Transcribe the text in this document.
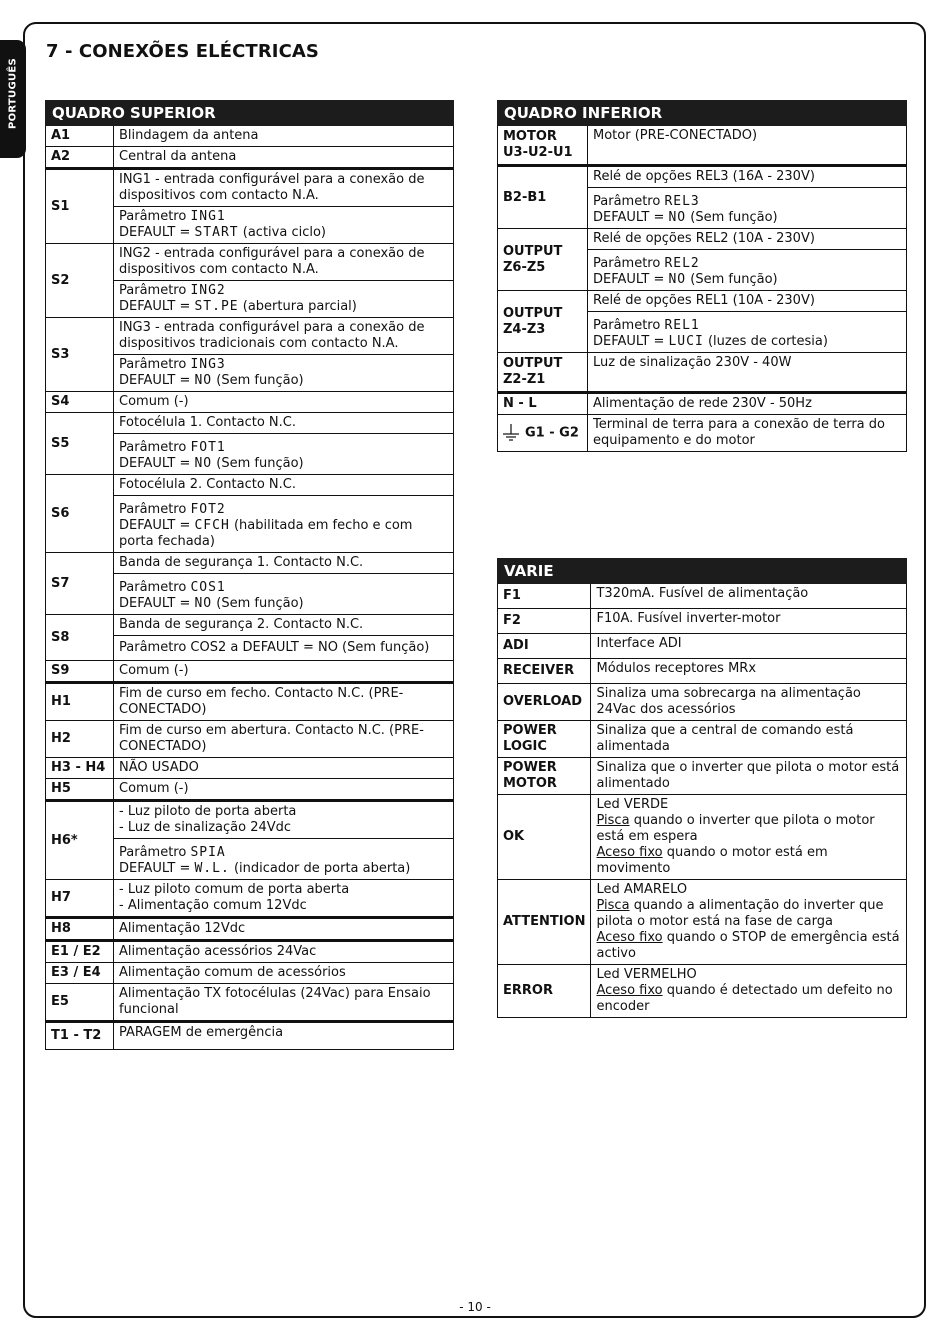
PORTUGUÊS
7 - CONEXÕES ELÉCTRICAS
QUADRO SUPERIOR	
A1	Blindagem da antena
A2	Central da antena
S1	ING1 - entrada configurável para a conexão de dispositivos com contacto N.A.
	Parâmetro ING1
DEFAULT = START (activa ciclo)
S2	ING2 - entrada configurável para a conexão de dispositivos com contacto N.A.
	Parâmetro ING2
DEFAULT = ST.PE (abertura parcial)
S3	ING3 - entrada configurável para a conexão de dispositivos tradicionais com contacto N.A.
	Parâmetro ING3
DEFAULT = NO (Sem função)
S4	Comum (-)
S5	Fotocélula 1. Contacto N.C.
	Parâmetro FOT1
DEFAULT = NO (Sem função)
S6	Fotocélula 2. Contacto N.C.
	Parâmetro FOT2
DEFAULT = CFCH (habilitada em fecho e com porta fechada)
S7	Banda de segurança 1. Contacto N.C.
	Parâmetro COS1
DEFAULT = NO (Sem função)
S8	Banda de segurança 2. Contacto N.C.
	Parâmetro COS2 a DEFAULT = NO (Sem função)
S9	Comum (-)
H1	Fim de curso em fecho. Contacto N.C. (PRE-CONECTADO)
H2	Fim de curso em abertura. Contacto N.C. (PRE-CONECTADO)
H3 - H4	NÃO USADO
H5	Comum (-)
H6*	- Luz piloto de porta aberta
- Luz de sinalização 24Vdc
	Parâmetro SPIA
DEFAULT = W.L. (indicador de porta aberta)
H7	- Luz piloto comum de porta aberta
- Alimentação comum 12Vdc
H8	Alimentação 12Vdc
E1 / E2	Alimentação acessórios 24Vac
E3 / E4	Alimentação comum de acessórios
E5	Alimentação TX fotocélulas (24Vac) para Ensaio funcional
T1 - T2	PARAGEM de emergência
QUADRO INFERIOR	
MOTOR U3-U2-U1	Motor (PRE-CONECTADO)
B2-B1	Relé de opções REL3 (16A - 230V)
	Parâmetro REL3
DEFAULT = NO (Sem função)
OUTPUT Z6-Z5	Relé de opções REL2 (10A - 230V)
	Parâmetro REL2
DEFAULT = NO (Sem função)
OUTPUT Z4-Z3	Relé de opções REL1 (10A - 230V)
	Parâmetro REL1
DEFAULT = LUCI (luzes de cortesia)
OUTPUT Z2-Z1	Luz de sinalização 230V - 40W
N - L	Alimentação de rede 230V - 50Hz
G1 - G2	Terminal de terra para a conexão de terra do equipamento e do motor
VARIE	
F1	T320mA. Fusível de alimentação
F2	F10A. Fusível inverter-motor
ADI	Interface ADI
RECEIVER	Módulos receptores MRx
OVERLOAD	Sinaliza uma sobrecarga na alimentação 24Vac dos acessórios
POWER LOGIC	Sinaliza que a central de comando está alimentada
POWER MOTOR	Sinaliza que o inverter que pilota o motor está alimentado
OK	Led VERDE
Pisca quando o inverter que pilota o motor está em espera
Aceso fixo quando o motor está em movimento
ATTENTION	Led AMARELO
Pisca quando a alimentação do inverter que pilota o motor está na fase de carga
Aceso fixo quando o STOP de emergência está activo
ERROR	Led VERMELHO
Aceso fixo quando é detectado um defeito no encoder
- 10 -
